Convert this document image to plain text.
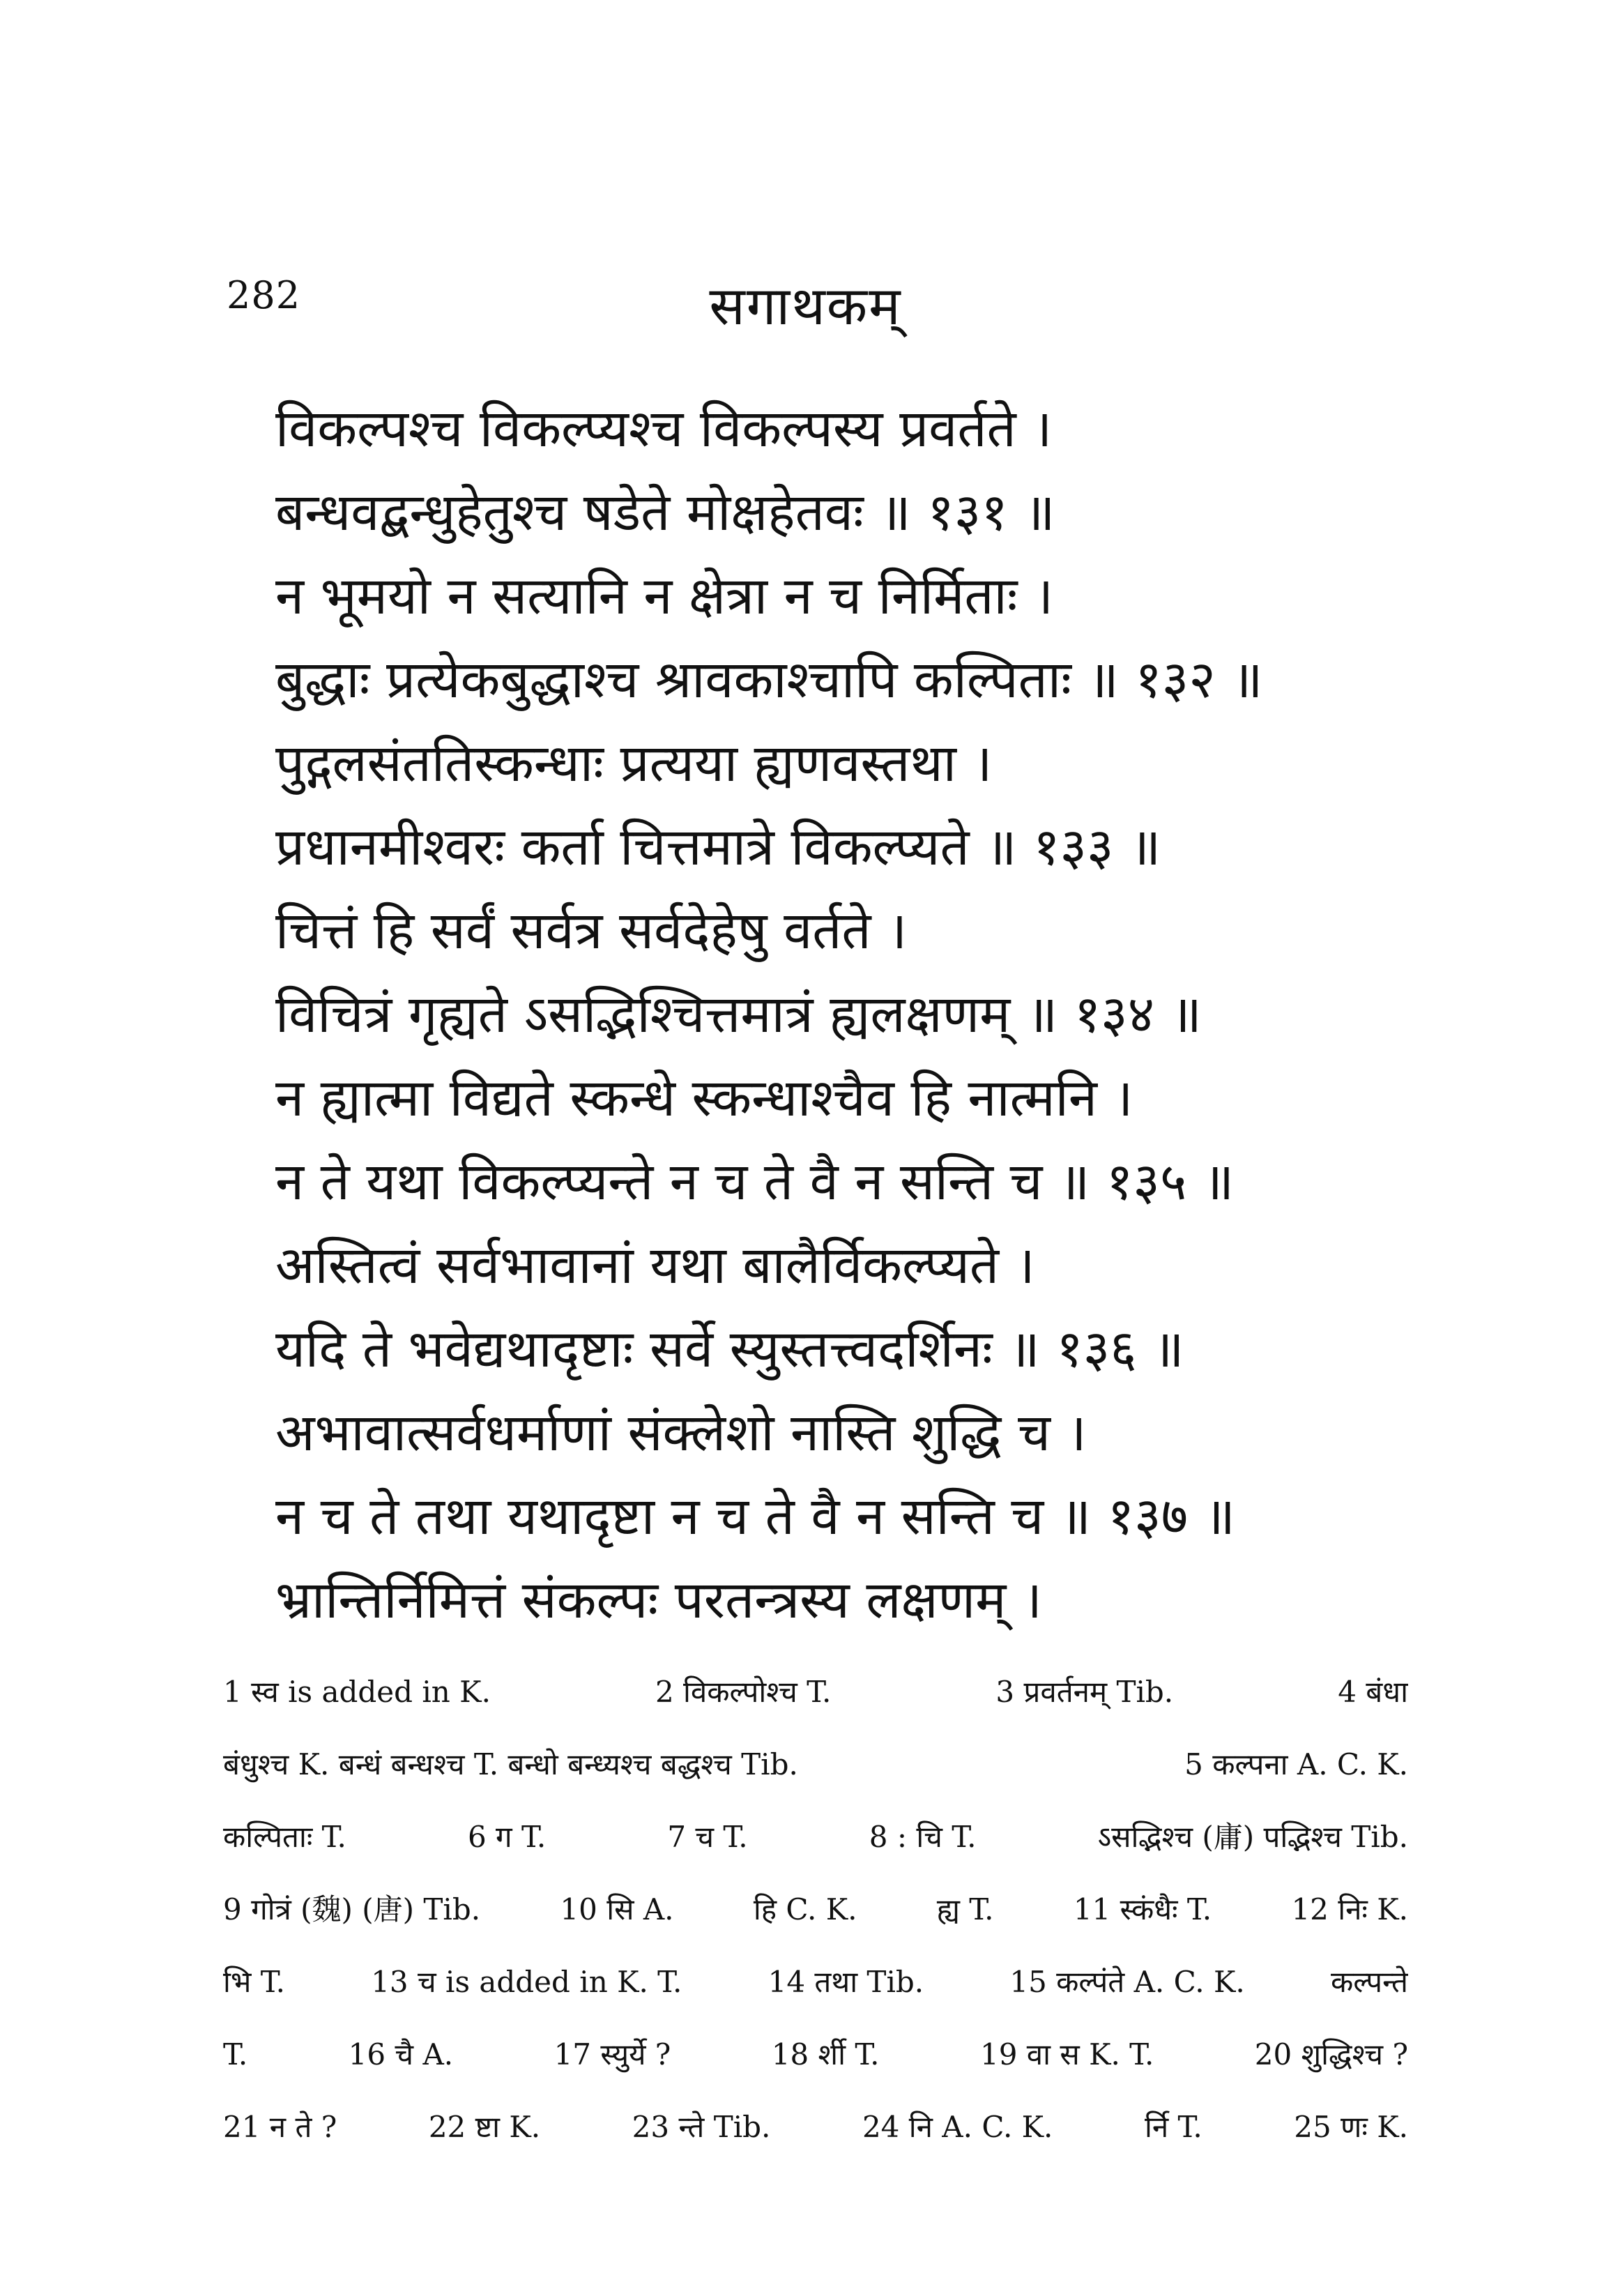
282	सगाथकम्
विकल्पश्च विकल्प्यश्च विकल्पस्य प्रवर्तते ।
बन्धवद्बन्धुहेतुश्च षडेते मोक्षहेतवः ॥ १३१ ॥
न भूमयो न सत्यानि न क्षेत्रा न च निर्मिताः ।
बुद्धाः प्रत्येकबुद्धाश्च श्रावकाश्चापि कल्पिताः ॥ १३२ ॥
पुद्गलसंततिस्कन्धाः प्रत्यया ह्यणवस्तथा ।
प्रधानमीश्वरः कर्ता चित्तमात्रे विकल्प्यते ॥ १३३ ॥
चित्तं हि सर्वं सर्वत्र सर्वदेहेषु वर्तते ।
विचित्रं गृह्यते ऽसद्भिश्चित्तमात्रं ह्यलक्षणम् ॥ १३४ ॥
न ह्यात्मा विद्यते स्कन्धे स्कन्धाश्चैव हि नात्मनि ।
न ते यथा विकल्प्यन्ते न च ते वै न सन्ति च ॥ १३५ ॥
अस्तित्वं सर्वभावानां यथा बालैर्विकल्प्यते ।
यदि ते भवेद्यथादृष्टाः सर्वे स्युस्तत्त्वदर्शिनः ॥ १३६ ॥
अभावात्सर्वधर्माणां संक्लेशो नास्ति शुद्धि च ।
न च ते तथा यथादृष्टा न च ते वै न सन्ति च ॥ १३७ ॥
भ्रान्तिर्निमित्तं संकल्पः परतन्त्रस्य लक्षणम् ।
1 स्व is added in K.	2 विकल्पोश्च T.	3 प्रवर्तनम् Tib.	4 बंधा
बंधुश्च K. बन्धं बन्धश्च T. बन्धो बन्ध्यश्च बद्धश्च Tib.	5 कल्पना A. C. K.
कल्पिताः T.	6 ग T.	7 च T.	8 : चि T.	ऽसद्भिश्च (庸) पद्भिश्च Tib.
9 गोत्रं (魏) (唐) Tib.	10 सि A.	हि C. K.	ह्य T.	11 स्कंधैः T.	12 निः K.
भि T.	13 च is added in K. T.	14 तथा Tib.	15 कल्पंते A. C. K.	कल्पन्ते
T.	16 चै A.	17 स्युर्ये ?	18 र्शी T.	19 वा स K. T.	20 शुद्धिश्च ?
21 न ते ?	22 ष्टा K.	23 न्ते Tib.	24 नि A. C. K.	र्नि T.	25 णः K.
